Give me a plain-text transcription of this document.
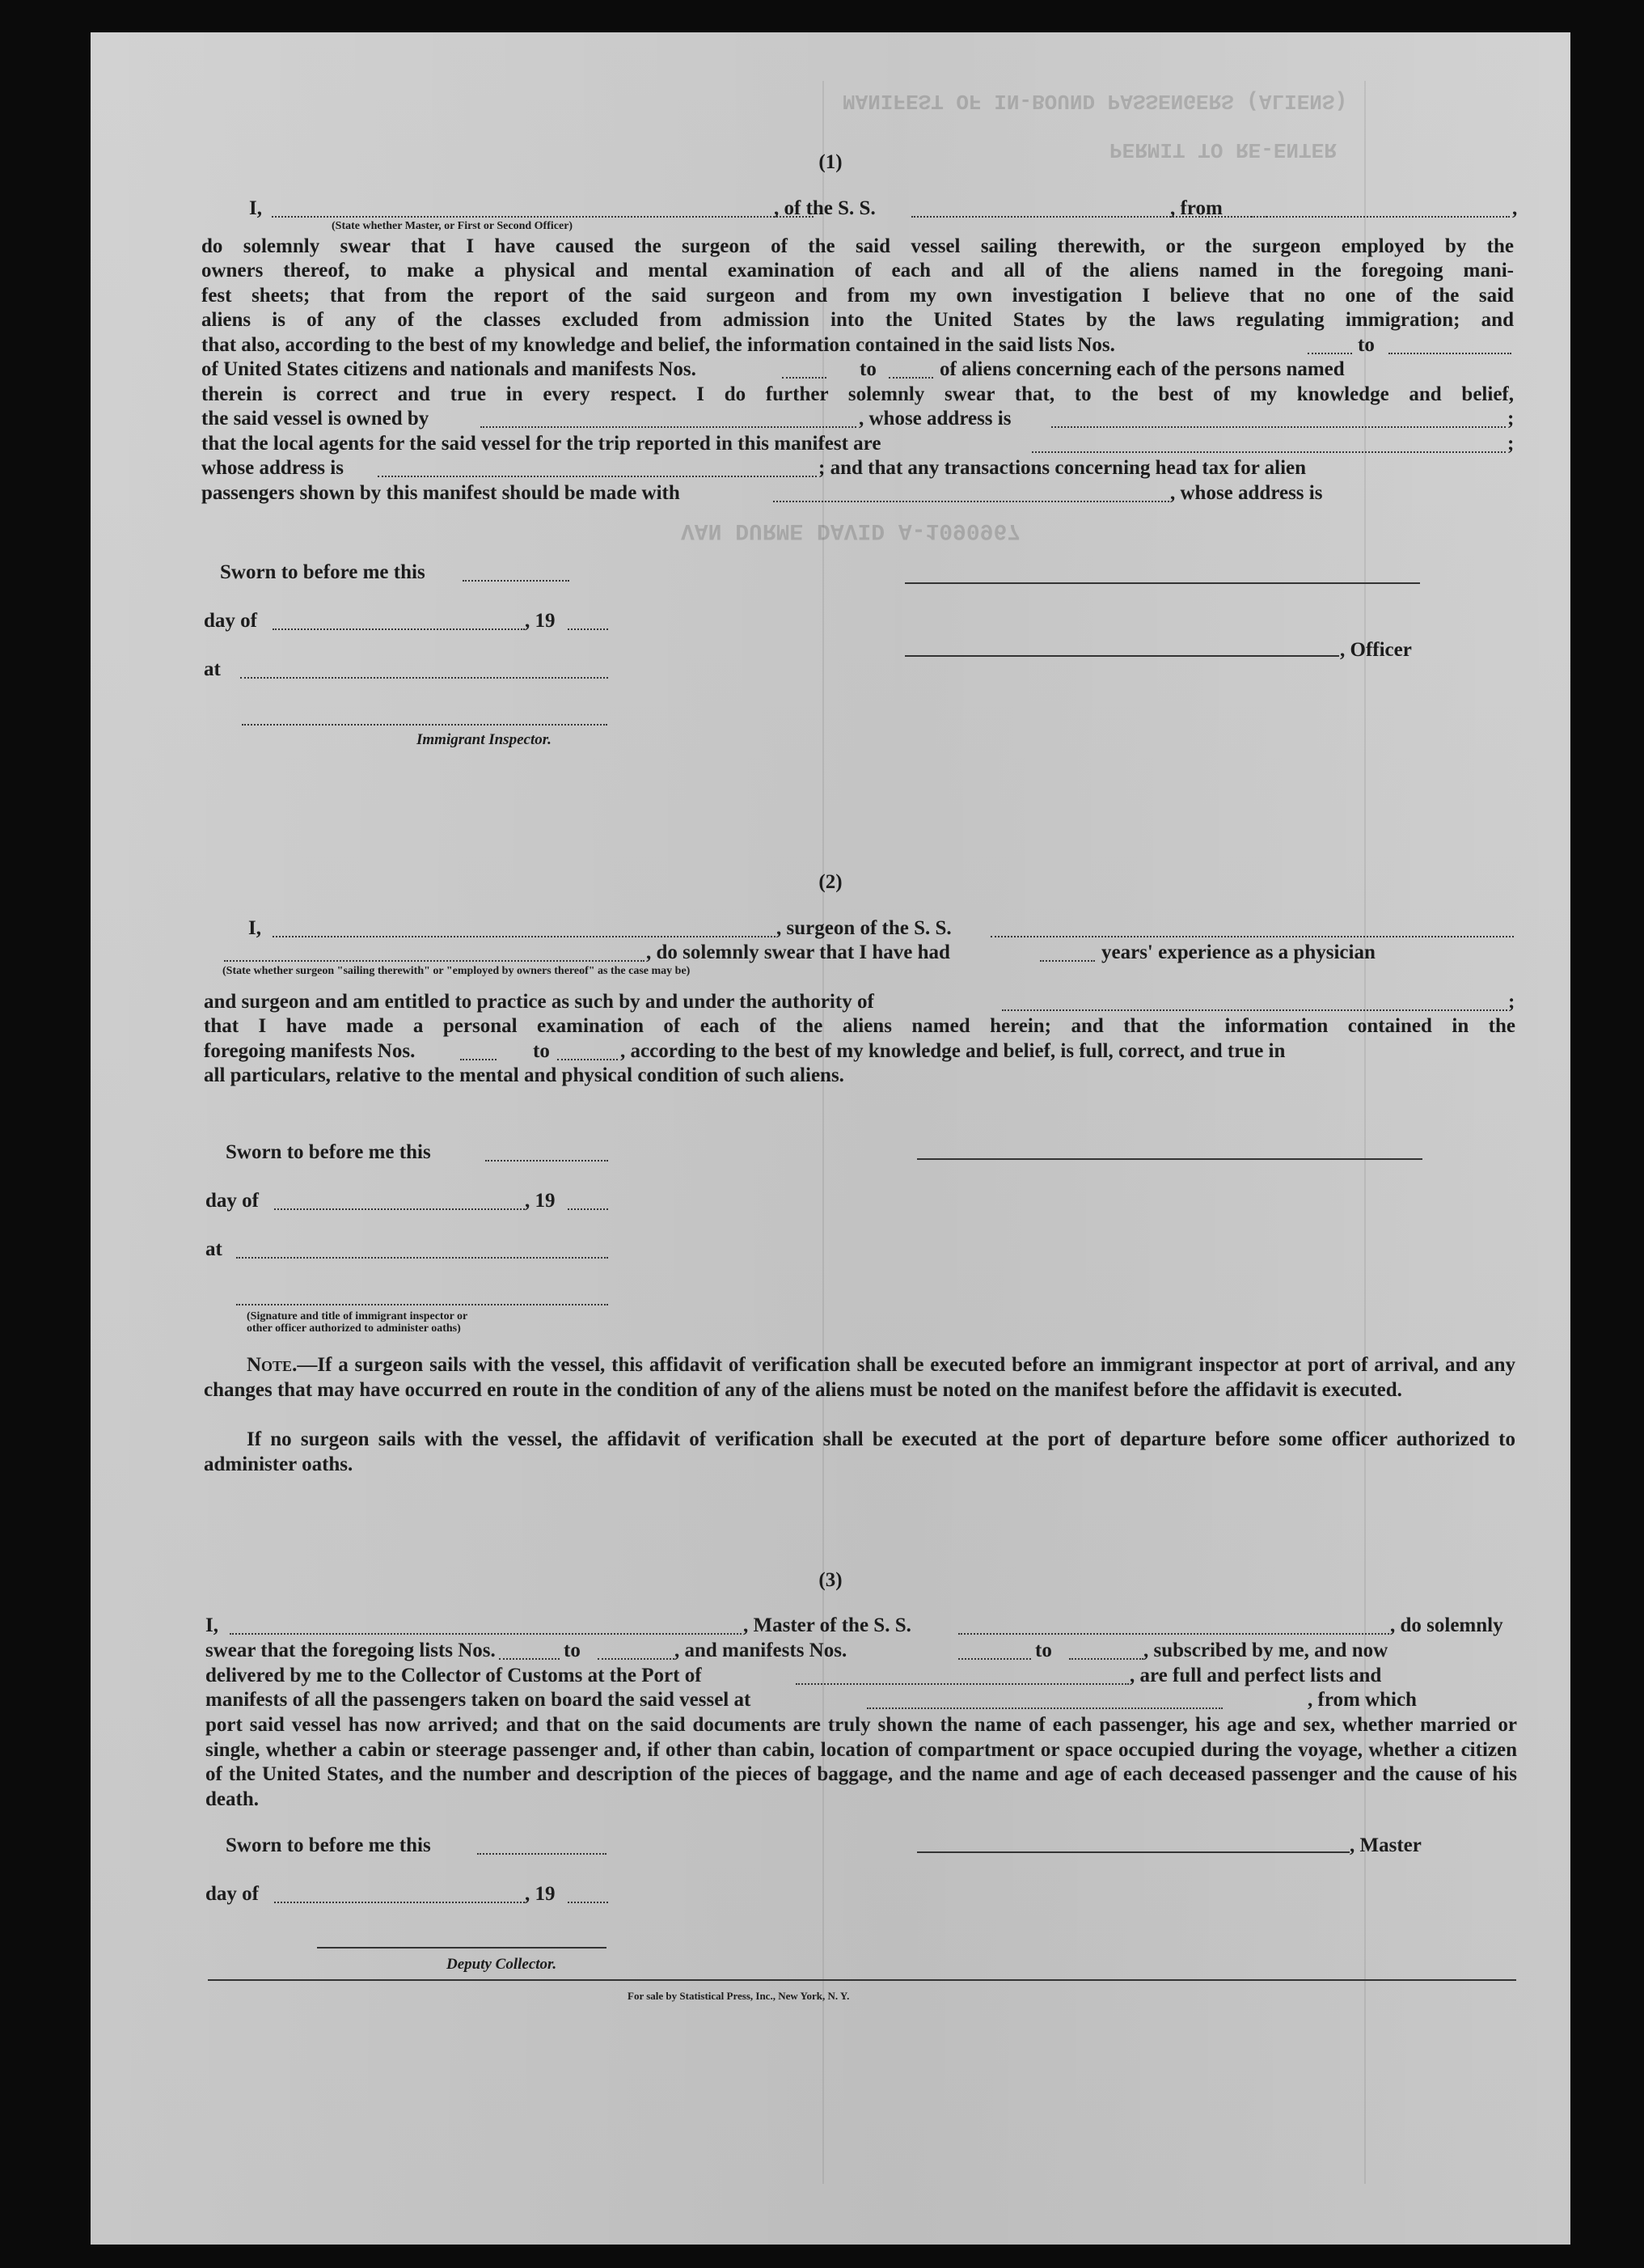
MANIFEST OF IN-BOUND PASSENGERS (ALIENS)
PERMIT TO RE-ENTER
VAN DURME DAVID A-1090967
(1)
I,	, of the S. S.	, from	,
(State whether Master, or First or Second Officer)
do solemnly swear that I have caused the surgeon of the said vessel sailing therewith, or the surgeon employed by the
owners thereof, to make a physical and mental examination of each and all of the aliens named in the foregoing mani-
fest sheets; that from the report of the said surgeon and from my own investigation I believe that no one of the said
aliens is of any of the classes excluded from admission into the United States by the laws regulating immigration; and
that also, according to the best of my knowledge and belief, the information contained in the said lists Nos.	to
of United States citizens and nationals and manifests Nos.	to	of aliens concerning each of the persons named
therein is correct and true in every respect. I do further solemnly swear that, to the best of my knowledge and belief,
the said vessel is owned by	, whose address is	;
that the local agents for the said vessel for the trip reported in this manifest are	;
whose address is	; and that any transactions concerning head tax for alien
passengers shown by this manifest should be made with	, whose address is
Sworn to before me this
day of	, 19
at
Immigrant Inspector.
, Officer
(2)
I,	, surgeon of the S. S.
, do solemnly swear that I have had	years' experience as a physician
(State whether surgeon "sailing therewith" or "employed by owners thereof" as the case may be)
and surgeon and am entitled to practice as such by and under the authority of	;
that I have made a personal examination of each of the aliens named herein; and that the information contained in the
foregoing manifests Nos.	to	, according to the best of my knowledge and belief, is full, correct, and true in
all particulars, relative to the mental and physical condition of such aliens.
Sworn to before me this
day of	, 19
at
(Signature and title of immigrant inspector or
other officer authorized to administer oaths)
Note.—If a surgeon sails with the vessel, this affidavit of verification shall be executed before an immigrant inspector at port of arrival, and any changes that may have occurred en route in the condition of any of the aliens must be noted on the manifest before the affidavit is executed.
If no surgeon sails with the vessel, the affidavit of verification shall be executed at the port of departure before some officer authorized to administer oaths.
(3)
I,	, Master of the S. S.	, do solemnly
swear that the foregoing lists Nos.	to	, and manifests Nos.	to	, subscribed by me, and now
delivered by me to the Collector of Customs at the Port of	, are full and perfect lists and
manifests of all the passengers taken on board the said vessel at	, from which
port said vessel has now arrived; and that on the said documents are truly shown the name of each passenger, his age and sex, whether married or single, whether a cabin or steerage passenger and, if other than cabin, location of compartment or space occupied during the voyage, whether a citizen of the United States, and the number and description of the pieces of baggage, and the name and age of each deceased passenger and the cause of his death.
Sworn to before me this	, Master
day of	, 19
Deputy Collector.
For sale by Statistical Press, Inc., New York, N. Y.
